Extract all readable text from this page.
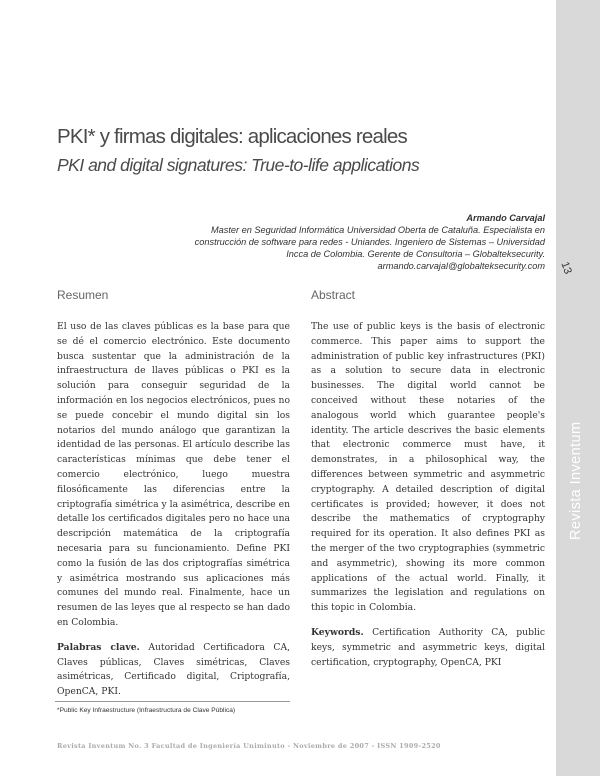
Revista Inventum
13
PKI* y firmas digitales: aplicaciones reales
PKI and digital signatures: True-to-life applications
Armando Carvajal
Master en Seguridad Informática Universidad Oberta de Cataluña. Especialista en
construcción de software para redes - Uniandes. Ingeniero de Sistemas – Universidad
Incca de Colombia. Gerente de Consultoria – Globalteksecurity.
armando.carvajal@globalteksecurity.com
Resumen	Abstract

El uso de las claves públicas es la base para que se dé el comercio electrónico. Este documento busca sustentar que la administración de la infraestructura de llaves públicas o PKI es la solución para conseguir seguridad de la información en los negocios electrónicos, pues no se puede concebir el mundo digital sin los notarios del mundo análogo que garantizan la identidad de las personas. El artículo describe las características mínimas que debe tener el comercio electrónico, luego muestra filosóficamente las diferencias entre la criptografía simétrica y la asimétrica, describe en detalle los certificados digitales pero no hace una descripción matemática de la criptografía necesaria para su funcionamiento. Define PKI como la fusión de las dos criptografías simétrica y asimétrica mostrando sus aplicaciones más comunes del mundo real. Finalmente, hace un resumen de las leyes que al respecto se han dado en Colombia.

Palabras clave. Autoridad Certificadora CA, Claves públicas, Claves simétricas, Claves asimétricas, Certificado digital, Criptografía, OpenCA, PKI.

The use of public keys is the basis of electronic commerce. This paper aims to support the administration of public key infrastructures (PKI) as a solution to secure data in electronic businesses. The digital world cannot be conceived without these notaries of the analogous world which guarantee people's identity. The article descrives the basic elements that electronic commerce must have, it demonstrates, in a philosophical way, the differences between symmetric and asymmetric cryptography. A detailed description of digital certificates is provided; however, it does not describe the mathematics of cryptography required for its operation. It also defines PKI as the merger of the two cryptographies (symmetric and asymmetric), showing its more common applications of the actual world. Finally, it summarizes the legislation and regulations on this topic in Colombia.

Keywords. Certification Authority CA, public keys, symmetric and asymmetric keys, digital certification, cryptography, OpenCA, PKI

*Public Key Infraestructure (Infraestructura de Clave Pública)
Revista Inventum No. 3 Facultad de Ingeniería Uniminuto - Noviembre de 2007 - ISSN 1909-2520
